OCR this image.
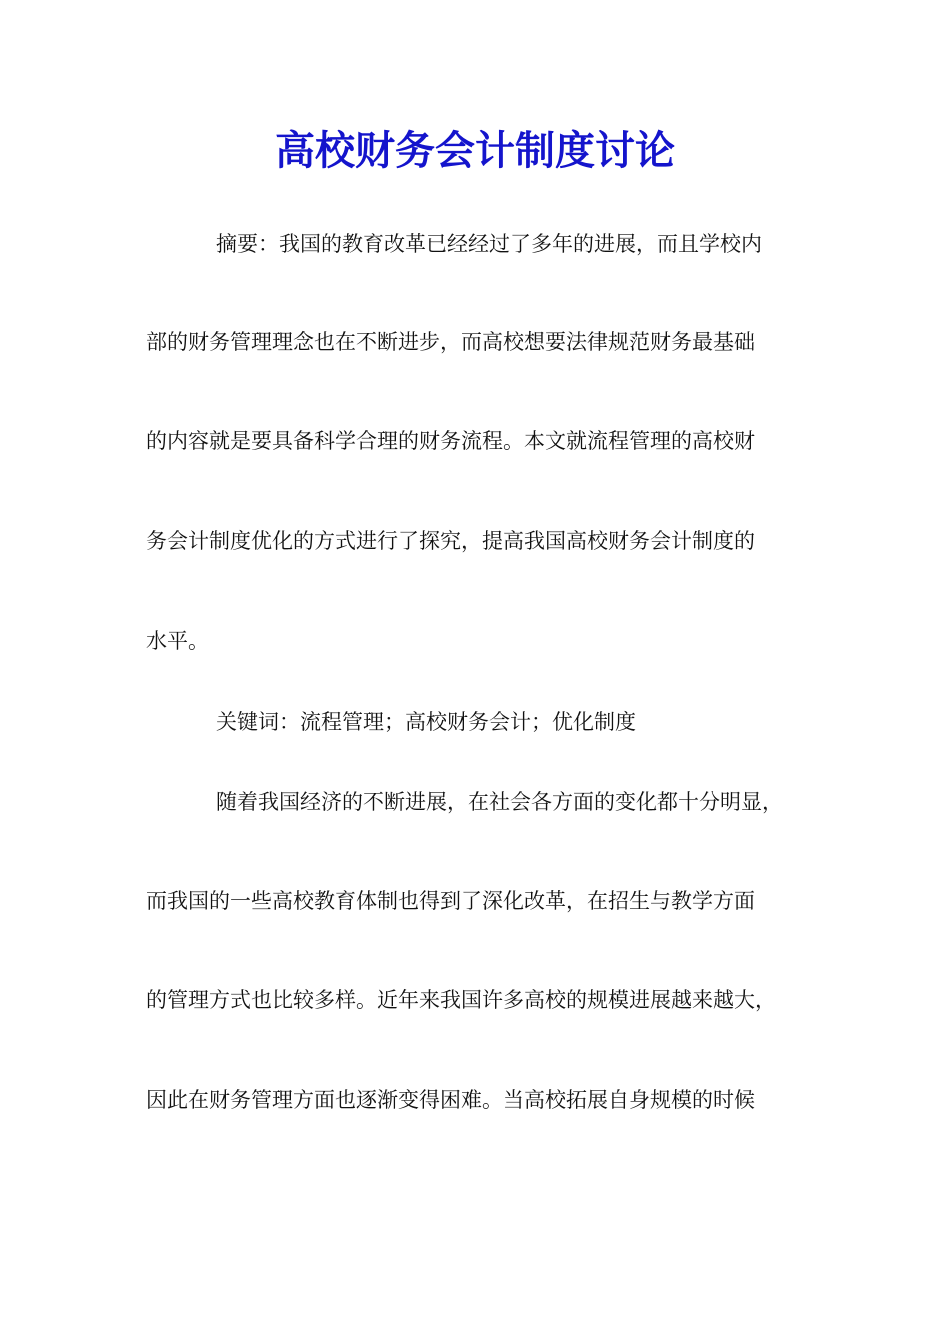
高校财务会计制度讨论

摘要：我国的教育改革已经经过了多年的进展，而且学校内

部的财务管理理念也在不断进步，而高校想要法律规范财务最基础

的内容就是要具备科学合理的财务流程。本文就流程管理的高校财

务会计制度优化的方式进行了探究，提高我国高校财务会计制度的

水平。

关键词：流程管理；高校财务会计；优化制度

随着我国经济的不断进展，在社会各方面的变化都十分明显，

而我国的一些高校教育体制也得到了深化改革，在招生与教学方面

的管理方式也比较多样。近年来我国许多高校的规模进展越来越大，

因此在财务管理方面也逐渐变得困难。当高校拓展自身规模的时候
